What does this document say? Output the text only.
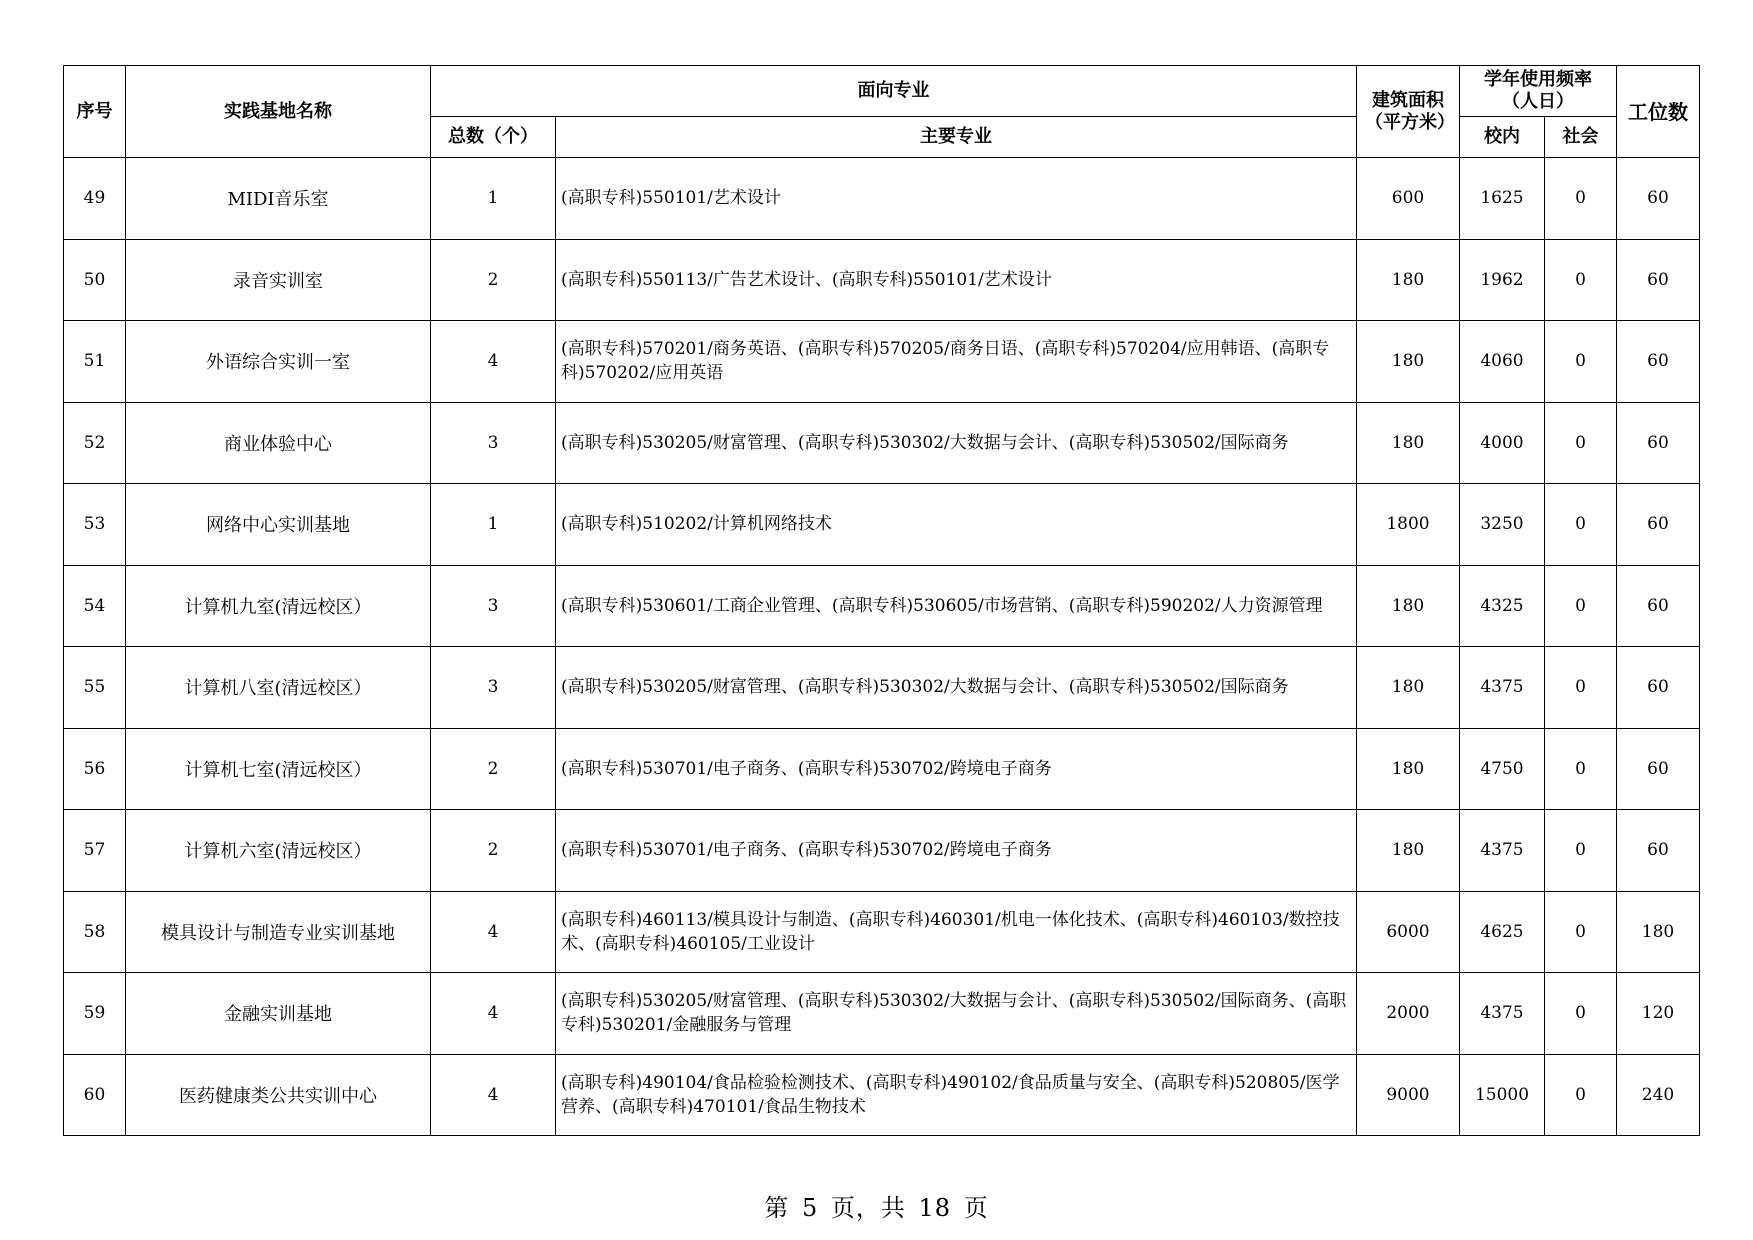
序号	实践基地名称	面向专业		建筑面积（平方米）	学年使用频率（人日）		工位数
		总数（个）	主要专业		校内	社会	
49	MIDI音乐室	1	(高职专科)550101/艺术设计	600	1625	0	60
50	录音实训室	2	(高职专科)550113/广告艺术设计、(高职专科)550101/艺术设计	180	1962	0	60
51	外语综合实训一室	4	(高职专科)570201/商务英语、(高职专科)570205/商务日语、(高职专科)570204/应用韩语、(高职专科)570202/应用英语	180	4060	0	60
52	商业体验中心	3	(高职专科)530205/财富管理、(高职专科)530302/大数据与会计、(高职专科)530502/国际商务	180	4000	0	60
53	网络中心实训基地	1	(高职专科)510202/计算机网络技术	1800	3250	0	60
54	计算机九室(清远校区）	3	(高职专科)530601/工商企业管理、(高职专科)530605/市场营销、(高职专科)590202/人力资源管理	180	4325	0	60
55	计算机八室(清远校区）	3	(高职专科)530205/财富管理、(高职专科)530302/大数据与会计、(高职专科)530502/国际商务	180	4375	0	60
56	计算机七室(清远校区）	2	(高职专科)530701/电子商务、(高职专科)530702/跨境电子商务	180	4750	0	60
57	计算机六室(清远校区）	2	(高职专科)530701/电子商务、(高职专科)530702/跨境电子商务	180	4375	0	60
58	模具设计与制造专业实训基地	4	(高职专科)460113/模具设计与制造、(高职专科)460301/机电一体化技术、(高职专科)460103/数控技术、(高职专科)460105/工业设计	6000	4625	0	180
59	金融实训基地	4	(高职专科)530205/财富管理、(高职专科)530302/大数据与会计、(高职专科)530502/国际商务、(高职专科)530201/金融服务与管理	2000	4375	0	120
60	医药健康类公共实训中心	4	(高职专科)490104/食品检验检测技术、(高职专科)490102/食品质量与安全、(高职专科)520805/医学营养、(高职专科)470101/食品生物技术	9000	15000	0	240
第 5 页，共 18 页
